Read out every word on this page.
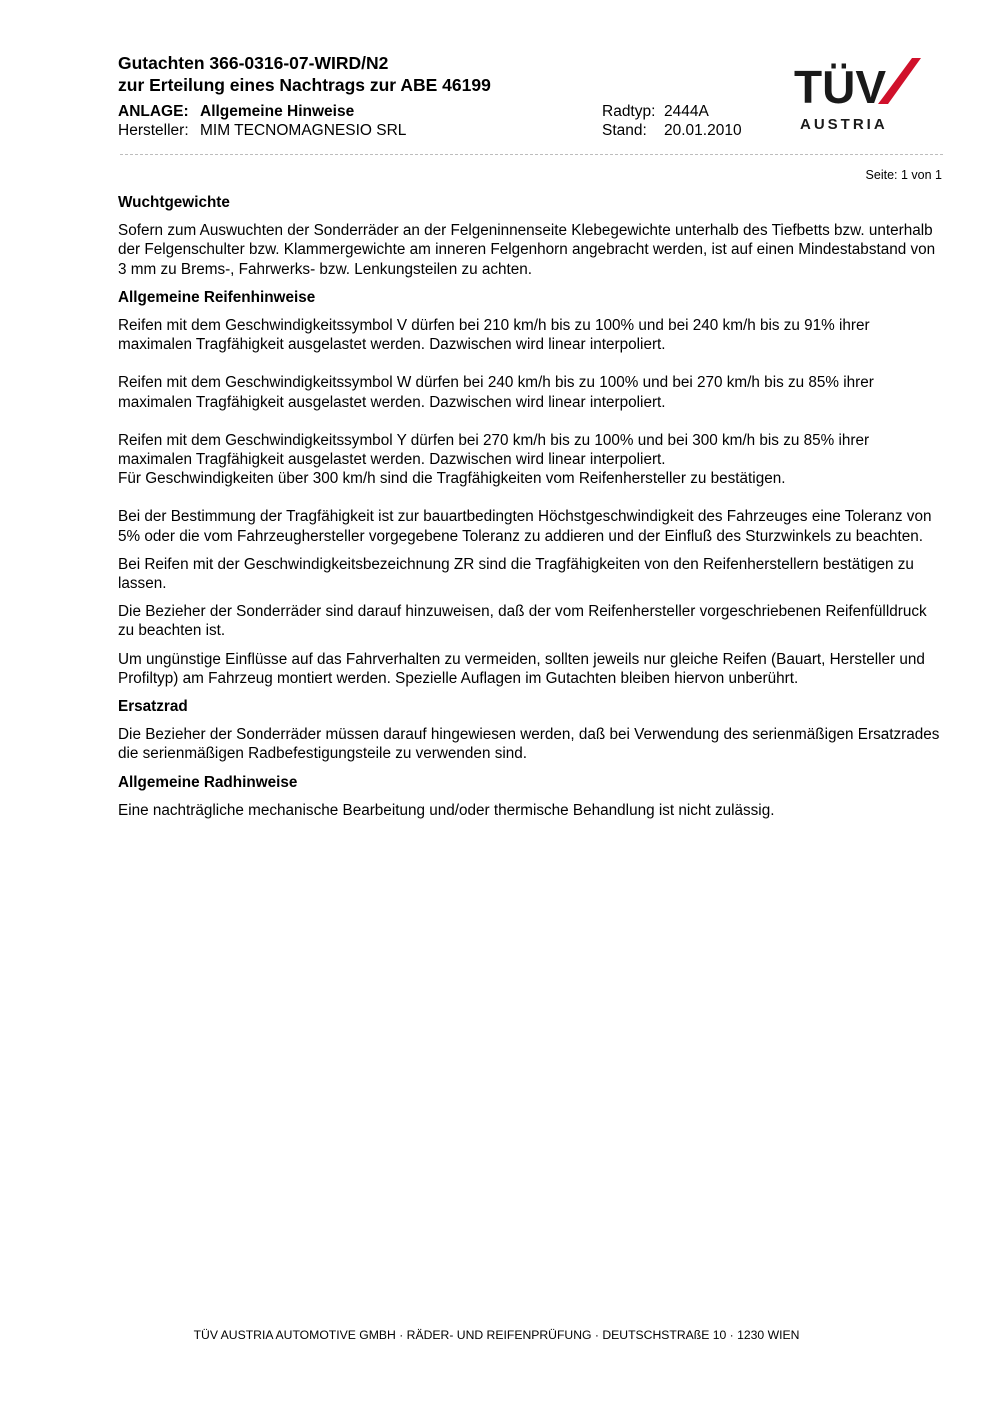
Gutachten 366-0316-07-WIRD/N2
zur Erteilung eines Nachtrags zur ABE 46199
ANLAGE: Allgemeine Hinweise	Radtyp: 2444A
Hersteller: MIM TECNOMAGNESIO SRL	Stand: 20.01.2010
TÜV
AUSTRIA
Seite: 1 von 1
Wuchtgewichte

Sofern zum Auswuchten der Sonderräder an der Felgeninnenseite Klebegewichte unterhalb des Tiefbetts bzw. unterhalb der Felgenschulter bzw. Klammergewichte am inneren Felgenhorn angebracht werden, ist auf einen Mindestabstand von 3 mm zu Brems-, Fahrwerks- bzw. Lenkungsteilen zu achten.

Allgemeine Reifenhinweise

Reifen mit dem Geschwindigkeitssymbol V dürfen bei 210 km/h bis zu 100% und bei 240 km/h bis zu 91% ihrer maximalen Tragfähigkeit ausgelastet werden. Dazwischen wird linear interpoliert.

Reifen mit dem Geschwindigkeitssymbol W dürfen bei 240 km/h bis zu 100% und bei 270 km/h bis zu 85% ihrer maximalen Tragfähigkeit ausgelastet werden. Dazwischen wird linear interpoliert.

Reifen mit dem Geschwindigkeitssymbol Y dürfen bei 270 km/h bis zu 100% und bei 300 km/h bis zu 85% ihrer maximalen Tragfähigkeit ausgelastet werden. Dazwischen wird linear interpoliert.

Für Geschwindigkeiten über 300 km/h sind die Tragfähigkeiten vom Reifenhersteller zu bestätigen.

Bei der Bestimmung der Tragfähigkeit ist zur bauartbedingten Höchstgeschwindigkeit des Fahrzeuges eine Toleranz von 5% oder die vom Fahrzeughersteller vorgegebene Toleranz zu addieren und der Einfluß des Sturzwinkels zu beachten.

Bei Reifen mit der Geschwindigkeitsbezeichnung ZR sind die Tragfähigkeiten von den Reifenherstellern bestätigen zu lassen.

Die Bezieher der Sonderräder sind darauf hinzuweisen, daß der vom Reifenhersteller vorgeschriebenen Reifenfülldruck zu beachten ist.

Um ungünstige Einflüsse auf das Fahrverhalten zu vermeiden, sollten jeweils nur gleiche Reifen (Bauart, Hersteller und Profiltyp) am Fahrzeug montiert werden. Spezielle Auflagen im Gutachten bleiben hiervon unberührt.

Ersatzrad

Die Bezieher der Sonderräder müssen darauf hingewiesen werden, daß bei Verwendung des serienmäßigen Ersatzrades die serienmäßigen Radbefestigungsteile zu verwenden sind.

Allgemeine Radhinweise

Eine nachträgliche mechanische Bearbeitung und/oder thermische Behandlung ist nicht zulässig.

TÜV AUSTRIA AUTOMOTIVE GMBH · RÄDER- UND REIFENPRÜFUNG · DEUTSCHSTRAßE 10 · 1230 WIEN
